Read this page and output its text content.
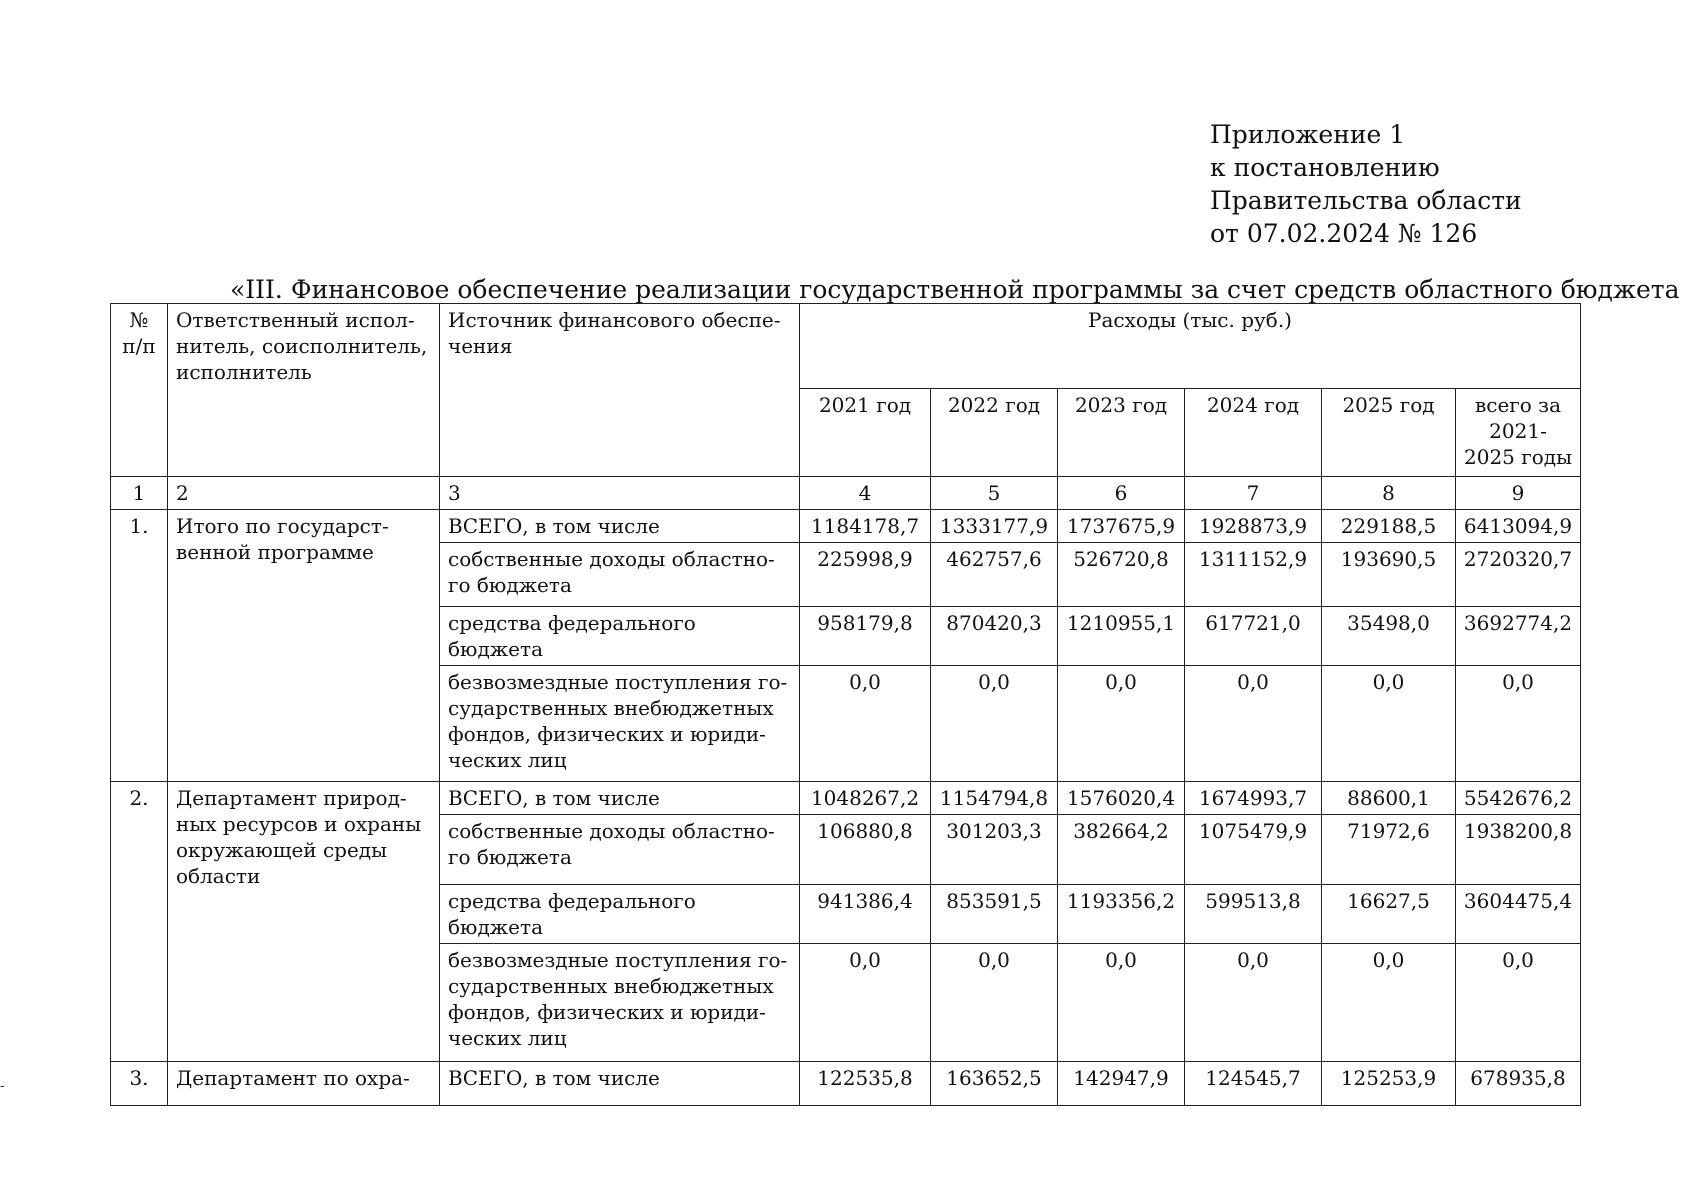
Приложение 1
к постановлению
Правительства области
от 07.02.2024 № 126
«III. Финансовое обеспечение реализации государственной программы за счет средств областного бюджета
№ п/п	Ответственный испол-нитель, соисполнитель, исполнитель	Источник финансового обеспе-чения	Расходы (тыс. руб.)					
			2021 год	2022 год	2023 год	2024 год	2025 год	всего за 2021-2025 годы
1	2	3	4	5	6	7	8	9
1.	Итого по государст-венной программе	ВСЕГО, в том числе	1184178,7	1333177,9	1737675,9	1928873,9	229188,5	6413094,9
		собственные доходы областно-го бюджета	225998,9	462757,6	526720,8	1311152,9	193690,5	2720320,7
		средства федерального бюджета	958179,8	870420,3	1210955,1	617721,0	35498,0	3692774,2
		безвозмездные поступления го-сударственных внебюджетных фондов, физических и юриди-ческих лиц	0,0	0,0	0,0	0,0	0,0	0,0
2.	Департамент природ-ных ресурсов и охраны окружающей среды области	ВСЕГО, в том числе	1048267,2	1154794,8	1576020,4	1674993,7	88600,1	5542676,2
		собственные доходы областно-го бюджета	106880,8	301203,3	382664,2	1075479,9	71972,6	1938200,8
		средства федерального бюджета	941386,4	853591,5	1193356,2	599513,8	16627,5	3604475,4
		безвозмездные поступления го-сударственных внебюджетных фондов, физических и юриди-ческих лиц	0,0	0,0	0,0	0,0	0,0	0,0
3.	Департамент по охра-	ВСЕГО, в том числе	122535,8	163652,5	142947,9	124545,7	125253,9	678935,8
-
